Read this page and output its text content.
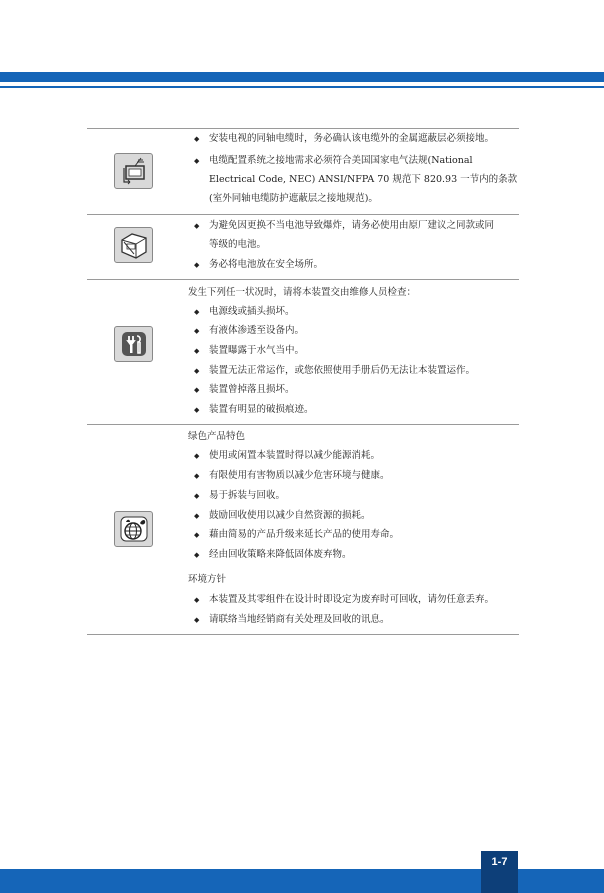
◆ 安装电视的同轴电缆时，务必确认该电缆外的金属遮蔽层必须接地。
◆ 电缆配置系统之接地需求必须符合美国国家电气法规(National
Electrical Code, NEC) ANSI/NFPA 70 规范下 820.93 一节内的条款
(室外同轴电缆防护遮蔽层之接地规范)。
◆ 为避免因更换不当电池导致爆炸，请务必使用由原厂建议之同款或同
等级的电池。
◆ 务必将电池放在安全场所。
发生下列任一状况时，请将本装置交由维修人员检查：
◆ 电源线或插头损坏。
◆ 有液体渗透至设备内。
◆ 装置曝露于水气当中。
◆ 装置无法正常运作，或您依照使用手册后仍无法让本装置运作。
◆ 装置曾掉落且损坏。
◆ 装置有明显的破损痕迹。
绿色产品特色
◆ 使用或闲置本装置时得以减少能源消耗。
◆ 有限使用有害物质以减少危害环境与健康。
◆ 易于拆装与回收。
◆ 鼓励回收使用以减少自然资源的损耗。
◆ 藉由简易的产品升级来延长产品的使用寿命。
◆ 经由回收策略来降低固体废弃物。
环境方针
◆ 本装置及其零组件在设计时即设定为废弃时可回收，请勿任意丢弃。
◆ 请联络当地经销商有关处理及回收的讯息。
1-7
